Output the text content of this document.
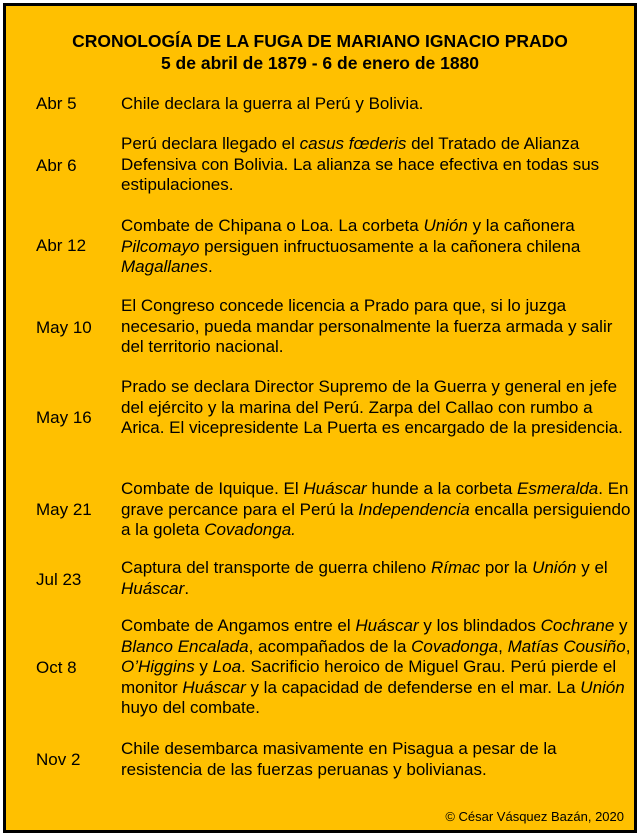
CRONOLOGÍA DE LA FUGA DE MARIANO IGNACIO PRADO
5 de abril de 1879 - 6 de enero de 1880
Abr 5	Chile declara la guerra al Perú y Bolivia.
Abr 6
Perú declara llegado el casus fœderis del Tratado de Alianza Defensiva con Bolivia. La alianza se hace efectiva en todas sus estipulaciones.
Abr 12
Combate de Chipana o Loa. La corbeta Unión y la cañonera Pilcomayo persiguen infructuosamente a la cañonera chilena Magallanes.
May 10
El Congreso concede licencia a Prado para que, si lo juzga necesario, pueda mandar personalmente la fuerza armada y salir del territorio nacional.
May 16
Prado se declara Director Supremo de la Guerra y general en jefe del ejército y la marina del Perú. Zarpa del Callao con rumbo a Arica. El vicepresidente La Puerta es encargado de la presidencia.
May 21
Combate de Iquique. El Huáscar hunde a la corbeta Esmeralda. En grave percance para el Perú la Independencia encalla persiguiendo a la goleta Covadonga.
Jul 23
Captura del transporte de guerra chileno Rímac por la Unión y el Huáscar.
Oct 8
Combate de Angamos entre el Huáscar y los blindados Cochrane y Blanco Encalada, acompañados de la Covadonga, Matías Cousiño, O’Higgins y Loa. Sacrificio heroico de Miguel Grau. Perú pierde el monitor Huáscar y la capacidad de defenderse en el mar. La Unión huyo del combate.
Nov 2
Chile desembarca masivamente en Pisagua a pesar de la resistencia de las fuerzas peruanas y bolivianas.
© César Vásquez Bazán, 2020
